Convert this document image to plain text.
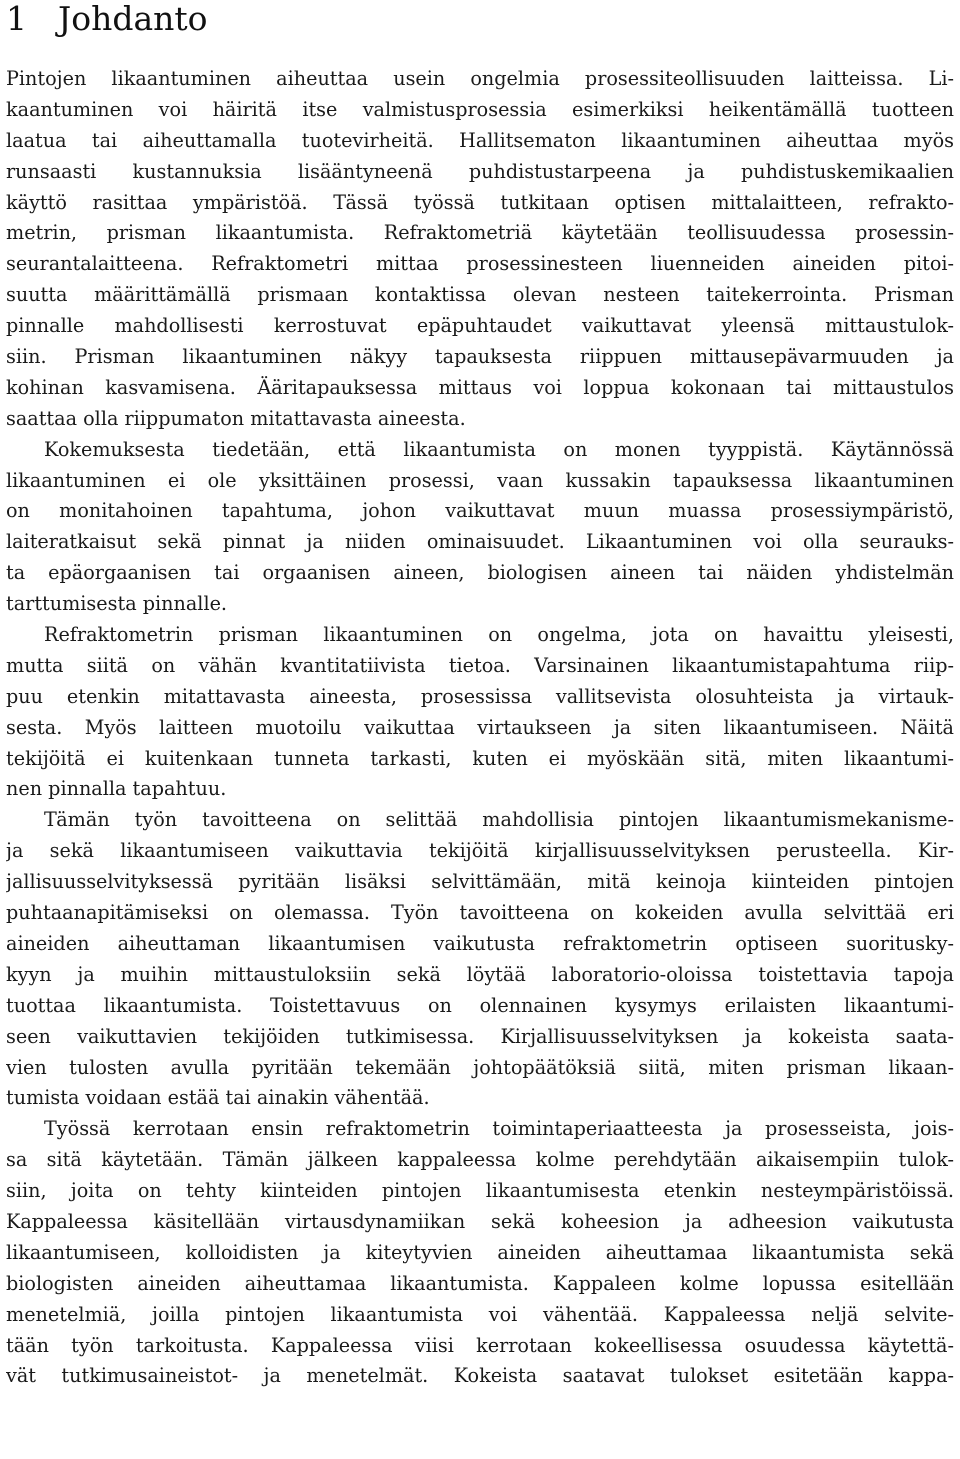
1 Johdanto
Pintojen likaantuminen aiheuttaa usein ongelmia prosessiteollisuuden laitteissa. Li-
kaantuminen voi häiritä itse valmistusprosessia esimerkiksi heikentämällä tuotteen
laatua tai aiheuttamalla tuotevirheitä. Hallitsematon likaantuminen aiheuttaa myös
runsaasti kustannuksia lisääntyneenä puhdistustarpeena ja puhdistuskemikaalien
käyttö rasittaa ympäristöä. Tässä työssä tutkitaan optisen mittalaitteen, refrakto-
metrin, prisman likaantumista. Refraktometriä käytetään teollisuudessa prosessin-
seurantalaitteena. Refraktometri mittaa prosessinesteen liuenneiden aineiden pitoi-
suutta määrittämällä prismaan kontaktissa olevan nesteen taitekerrointa. Prisman
pinnalle mahdollisesti kerrostuvat epäpuhtaudet vaikuttavat yleensä mittaustulok-
siin. Prisman likaantuminen näkyy tapauksesta riippuen mittausepävarmuuden ja
kohinan kasvamisena. Ääritapauksessa mittaus voi loppua kokonaan tai mittaustulos
saattaa olla riippumaton mitattavasta aineesta.
Kokemuksesta tiedetään, että likaantumista on monen tyyppistä. Käytännössä
likaantuminen ei ole yksittäinen prosessi, vaan kussakin tapauksessa likaantuminen
on monitahoinen tapahtuma, johon vaikuttavat muun muassa prosessiympäristö,
laiteratkaisut sekä pinnat ja niiden ominaisuudet. Likaantuminen voi olla seurauks-
ta epäorgaanisen tai orgaanisen aineen, biologisen aineen tai näiden yhdistelmän
tarttumisesta pinnalle.
Refraktometrin prisman likaantuminen on ongelma, jota on havaittu yleisesti,
mutta siitä on vähän kvantitatiivista tietoa. Varsinainen likaantumistapahtuma riip-
puu etenkin mitattavasta aineesta, prosessissa vallitsevista olosuhteista ja virtauk-
sesta. Myös laitteen muotoilu vaikuttaa virtaukseen ja siten likaantumiseen. Näitä
tekijöitä ei kuitenkaan tunneta tarkasti, kuten ei myöskään sitä, miten likaantumi-
nen pinnalla tapahtuu.
Tämän työn tavoitteena on selittää mahdollisia pintojen likaantumismekanisme-
ja sekä likaantumiseen vaikuttavia tekijöitä kirjallisuusselvityksen perusteella. Kir-
jallisuusselvityksessä pyritään lisäksi selvittämään, mitä keinoja kiinteiden pintojen
puhtaanapitämiseksi on olemassa. Työn tavoitteena on kokeiden avulla selvittää eri
aineiden aiheuttaman likaantumisen vaikutusta refraktometrin optiseen suoritusky-
kyyn ja muihin mittaustuloksiin sekä löytää laboratorio-oloissa toistettavia tapoja
tuottaa likaantumista. Toistettavuus on olennainen kysymys erilaisten likaantumi-
seen vaikuttavien tekijöiden tutkimisessa. Kirjallisuusselvityksen ja kokeista saata-
vien tulosten avulla pyritään tekemään johtopäätöksiä siitä, miten prisman likaan-
tumista voidaan estää tai ainakin vähentää.
Työssä kerrotaan ensin refraktometrin toimintaperiaatteesta ja prosesseista, jois-
sa sitä käytetään. Tämän jälkeen kappaleessa kolme perehdytään aikaisempiin tulok-
siin, joita on tehty kiinteiden pintojen likaantumisesta etenkin nesteympäristöissä.
Kappaleessa käsitellään virtausdynamiikan sekä koheesion ja adheesion vaikutusta
likaantumiseen, kolloidisten ja kiteytyvien aineiden aiheuttamaa likaantumista sekä
biologisten aineiden aiheuttamaa likaantumista. Kappaleen kolme lopussa esitellään
menetelmiä, joilla pintojen likaantumista voi vähentää. Kappaleessa neljä selvite-
tään työn tarkoitusta. Kappaleessa viisi kerrotaan kokeellisessa osuudessa käytettä-
vät tutkimusaineistot- ja menetelmät. Kokeista saatavat tulokset esitetään kappa-
